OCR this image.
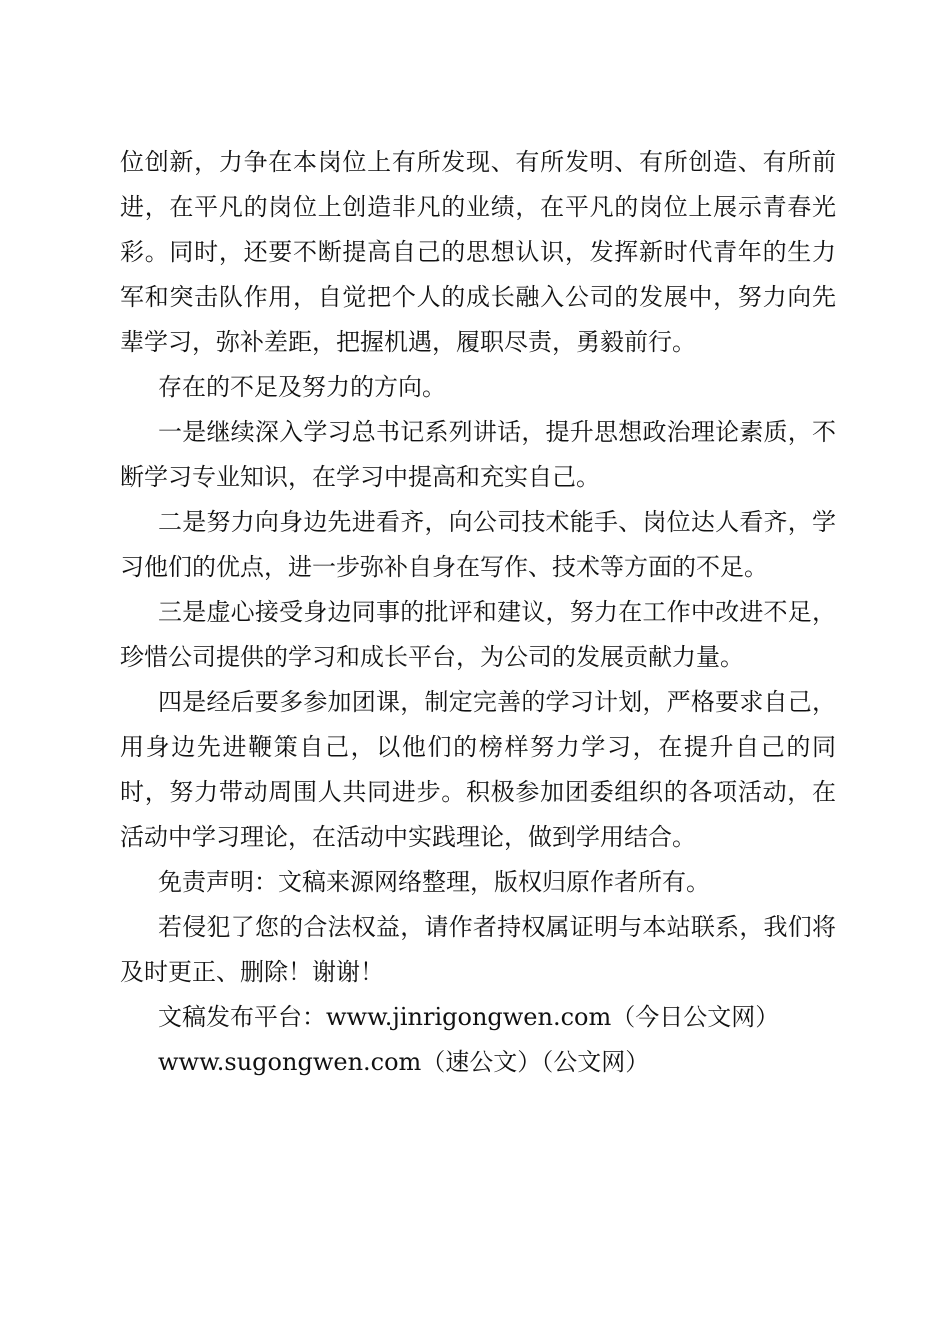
位创新，力争在本岗位上有所发现、有所发明、有所创造、有所前进，在平凡的岗位上创造非凡的业绩，在平凡的岗位上展示青春光彩。同时，还要不断提高自己的思想认识，发挥新时代青年的生力军和突击队作用，自觉把个人的成长融入公司的发展中，努力向先辈学习，弥补差距，把握机遇，履职尽责，勇毅前行。

存在的不足及努力的方向。

一是继续深入学习总书记系列讲话，提升思想政治理论素质，不断学习专业知识，在学习中提高和充实自己。

二是努力向身边先进看齐，向公司技术能手、岗位达人看齐，学习他们的优点，进一步弥补自身在写作、技术等方面的不足。

三是虚心接受身边同事的批评和建议，努力在工作中改进不足，珍惜公司提供的学习和成长平台，为公司的发展贡献力量。

四是经后要多参加团课，制定完善的学习计划，严格要求自己，用身边先进鞭策自己，以他们的榜样努力学习，在提升自己的同时，努力带动周围人共同进步。积极参加团委组织的各项活动，在活动中学习理论，在活动中实践理论，做到学用结合。

免责声明：文稿来源网络整理，版权归原作者所有。

若侵犯了您的合法权益，请作者持权属证明与本站联系，我们将及时更正、删除！谢谢！

文稿发布平台：www.jinrigongwen.com（今日公文网）

www.sugongwen.com（速公文）（公文网）
